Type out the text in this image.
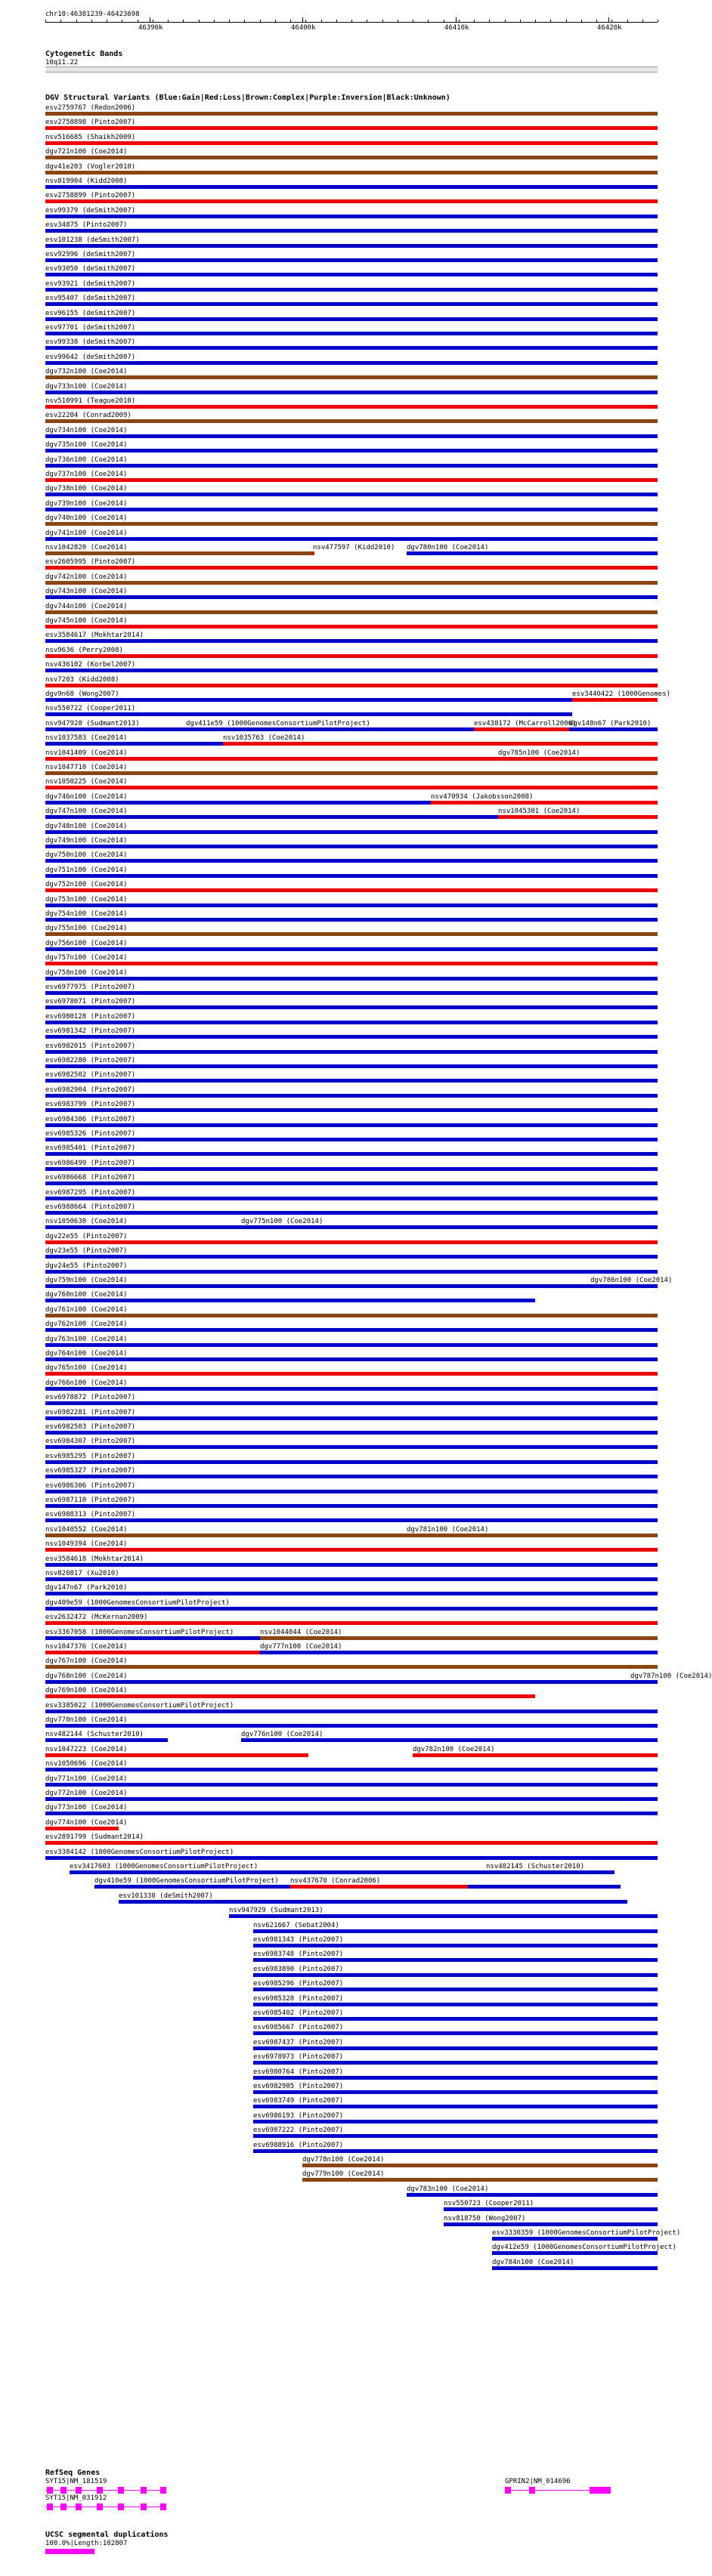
chr10:46381239-46423698
46390k	46400k	46410k	46420k
Cytogenetic Bands
10q11.22
DGV Structural Variants (Blue:Gain|Red:Loss|Brown:Complex|Purple:Inversion|Black:Unknown)
esv2759767 (Redon2006)
esv2758898 (Pinto2007)
nsv516685 (Shaikh2009)
dgv721n100 (Coe2014)
dgv41e203 (Vogler2010)
nsv819904 (Kidd2008)
esv2758899 (Pinto2007)
esv99379 (deSmith2007)
esv34875 (Pinto2007)
esv101238 (deSmith2007)
esv92996 (deSmith2007)
esv93050 (deSmith2007)
esv93921 (deSmith2007)
esv95407 (deSmith2007)
esv96155 (deSmith2007)
esv97701 (deSmith2007)
esv99338 (deSmith2007)
esv99642 (deSmith2007)
dgv732n100 (Coe2014)
dgv733n100 (Coe2014)
nsv510991 (Teague2010)
esv22204 (Conrad2009)
dgv734n100 (Coe2014)
dgv735n100 (Coe2014)
dgv736n100 (Coe2014)
dgv737n100 (Coe2014)
dgv738n100 (Coe2014)
dgv739n100 (Coe2014)
dgv740n100 (Coe2014)
dgv741n100 (Coe2014)
nsv1042820 (Coe2014)	nsv477597 (Kidd2010) dgv780n100 (Coe2014)
esv2605995 (Pinto2007)
dgv742n100 (Coe2014)
dgv743n100 (Coe2014)
dgv744n100 (Coe2014)
dgv745n100 (Coe2014)
esv3584617 (Mokhtar2014)
nsv9636 (Perry2008)
nsv436102 (Korbel2007)
nsv7203 (Kidd2008)
dgv9n68 (Wong2007)	esv3440422 (1000Genomes)
nsv550722 (Cooper2011)
nsv947928 (Sudmant2013)	dgv411e59 (1000GenomesConsortiumPilotProject)	esv438172 (McCarroll2006)
dgv148n67 (Park2010)
nsv1037583 (Coe2014)	nsv1035763 (Coe2014)
nsv1041409 (Coe2014)	dgv785n100 (Coe2014)
nsv1047710 (Coe2014)
nsv1050225 (Coe2014)
dgv746n100 (Coe2014)	nsv470934 (Jakobsson2008)
dgv747n100 (Coe2014)	nsv1045301 (Coe2014)
dgv748n100 (Coe2014)
dgv749n100 (Coe2014)
dgv750n100 (Coe2014)
dgv751n100 (Coe2014)
dgv752n100 (Coe2014)
dgv753n100 (Coe2014)
dgv754n100 (Coe2014)
dgv755n100 (Coe2014)
dgv756n100 (Coe2014)
dgv757n100 (Coe2014)
dgv758n100 (Coe2014)
esv6977975 (Pinto2007)
esv6978071 (Pinto2007)
esv6980128 (Pinto2007)
esv6981342 (Pinto2007)
esv6982015 (Pinto2007)
esv6982280 (Pinto2007)
esv6982502 (Pinto2007)
esv6982904 (Pinto2007)
esv6983799 (Pinto2007)
esv6984306 (Pinto2007)
esv6985326 (Pinto2007)
esv6985401 (Pinto2007)
esv6986499 (Pinto2007)
esv6986668 (Pinto2007)
esv6987295 (Pinto2007)
esv6988664 (Pinto2007)
nsv1050630 (Coe2014)	dgv775n100 (Coe2014)
dgv22e55 (Pinto2007)
dgv23e55 (Pinto2007)
dgv24e55 (Pinto2007)
dgv759n100 (Coe2014)	dgv786n100 (Coe2014)
dgv760n100 (Coe2014)
dgv761n100 (Coe2014)
dgv762n100 (Coe2014)
dgv763n100 (Coe2014)
dgv764n100 (Coe2014)
dgv765n100 (Coe2014)
dgv766n100 (Coe2014)
esv6978872 (Pinto2007)
esv6982281 (Pinto2007)
esv6982503 (Pinto2007)
esv6984307 (Pinto2007)
esv6985295 (Pinto2007)
esv6985327 (Pinto2007)
esv6986306 (Pinto2007)
esv6987110 (Pinto2007)
esv6988313 (Pinto2007)
nsv1040552 (Coe2014)	dgv781n100 (Coe2014)
nsv1049394 (Coe2014)
esv3584618 (Mokhtar2014)
nsv820817 (Xu2010)
dgv147n67 (Park2010)
dgv409e59 (1000GenomesConsortiumPilotProject)
esv2632472 (McKernan2009)
esv3367058 (1000GenomesConsortiumPilotProject)	nsv1044044 (Coe2014)
nsv1047376 (Coe2014)	dgv777n100 (Coe2014)
dgv767n100 (Coe2014)
dgv768n100 (Coe2014)	dgv787n100 (Coe2014)
dgv769n100 (Coe2014)
esv3385022 (1000GenomesConsortiumPilotProject)
dgv770n100 (Coe2014)
nsv482144 (Schuster2010)	dgv776n100 (Coe2014)
nsv1047223 (Coe2014)	dgv782n100 (Coe2014)
nsv1050696 (Coe2014)
dgv771n100 (Coe2014)
dgv772n100 (Coe2014)
dgv773n100 (Coe2014)
dgv774n100 (Coe2014)
esv2891799 (Sudmant2014)
esv3384142 (1000GenomesConsortiumPilotProject)
esv3417603 (1000GenomesConsortiumPilotProject)	nsv482145 (Schuster2010)
dgv410e59 (1000GenomesConsortiumPilotProject) nsv437670 (Conrad2006)
esv101330 (deSmith2007)
nsv947929 (Sudmant2013)
nsv621667 (Sebat2004)
esv6981343 (Pinto2007)
esv6983748 (Pinto2007)
esv6983890 (Pinto2007)
esv6985296 (Pinto2007)
esv6985328 (Pinto2007)
esv6985402 (Pinto2007)
esv6985667 (Pinto2007)
esv6987437 (Pinto2007)
esv6978973 (Pinto2007)
esv6980764 (Pinto2007)
esv6982905 (Pinto2007)
esv6983749 (Pinto2007)
esv6986193 (Pinto2007)
esv6987222 (Pinto2007)
esv6988916 (Pinto2007)
dgv778n100 (Coe2014)
dgv779n100 (Coe2014)
dgv783n100 (Coe2014)
nsv550723 (Cooper2011)
nsv818750 (Wong2007)
esv3330359 (1000GenomesConsortiumPilotProject)
dgv412e59 (1000GenomesConsortiumPilotProject)
dgv784n100 (Coe2014)
RefSeq Genes
SYT15|NM_181519
SYT15|NM_031912
GPRIN2|NM_014696
UCSC segmental duplications
100.0%|Length:102807
